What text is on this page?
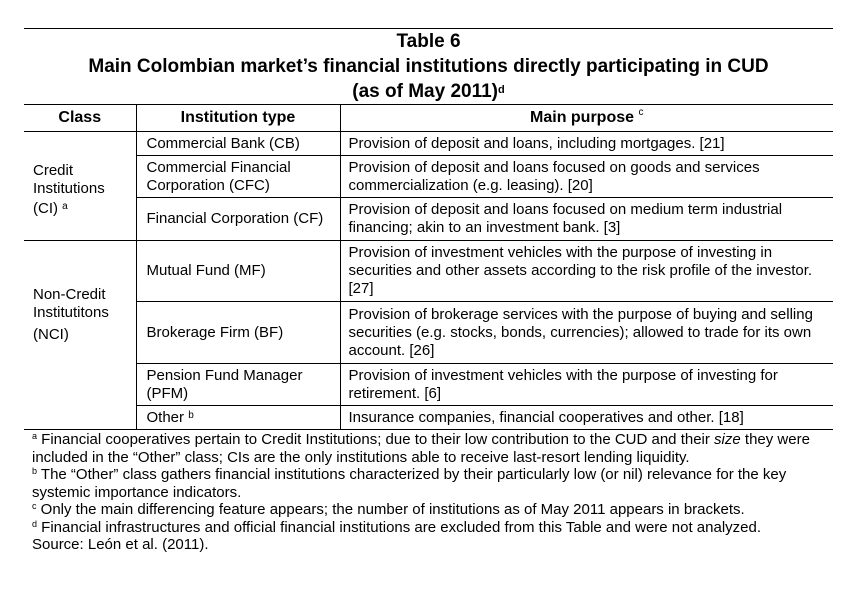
Table 6
Main Colombian market’s financial institutions directly participating in CUD
(as of May 2011)$^d$
Class	Institution type	Main purpose $^c$

Credit
Institutions
(CI) $^a$	Commercial Bank (CB)	Provision of deposit and loans, including mortgages. [21]
	Commercial Financial Corporation (CFC)	Provision of deposit and loans focused on goods and services commercialization (e.g. leasing). [20]
	Financial Corporation (CF)	Provision of deposit and loans focused on medium term industrial financing; akin to an investment bank. [3]

Non-Credit
Institutitons
(NCI)	Mutual Fund (MF)	Provision of investment vehicles with the purpose of investing in securities and other assets according to the risk profile of the investor. [27]
	Brokerage Firm (BF)	Provision of brokerage services with the purpose of buying and selling securities (e.g. stocks, bonds, currencies); allowed to trade for its own account. [26]
	Pension Fund Manager (PFM)	Provision of investment vehicles with the purpose of investing for retirement. [6]
	Other $^b$	Insurance companies, financial cooperatives and other. [18]

$^a$ Financial cooperatives pertain to Credit Institutions; due to their low contribution to the CUD and their size they were included in the “Other” class; CIs are the only institutions able to receive last-resort lending liquidity.

$^b$ The “Other” class gathers financial institutions characterized by their particularly low (or nil) relevance for the key systemic importance indicators.

$^c$ Only the main differencing feature appears; the number of institutions as of May 2011 appears in brackets.

$^d$ Financial infrastructures and official financial institutions are excluded from this Table and were not analyzed.

Source: León et al. (2011).
